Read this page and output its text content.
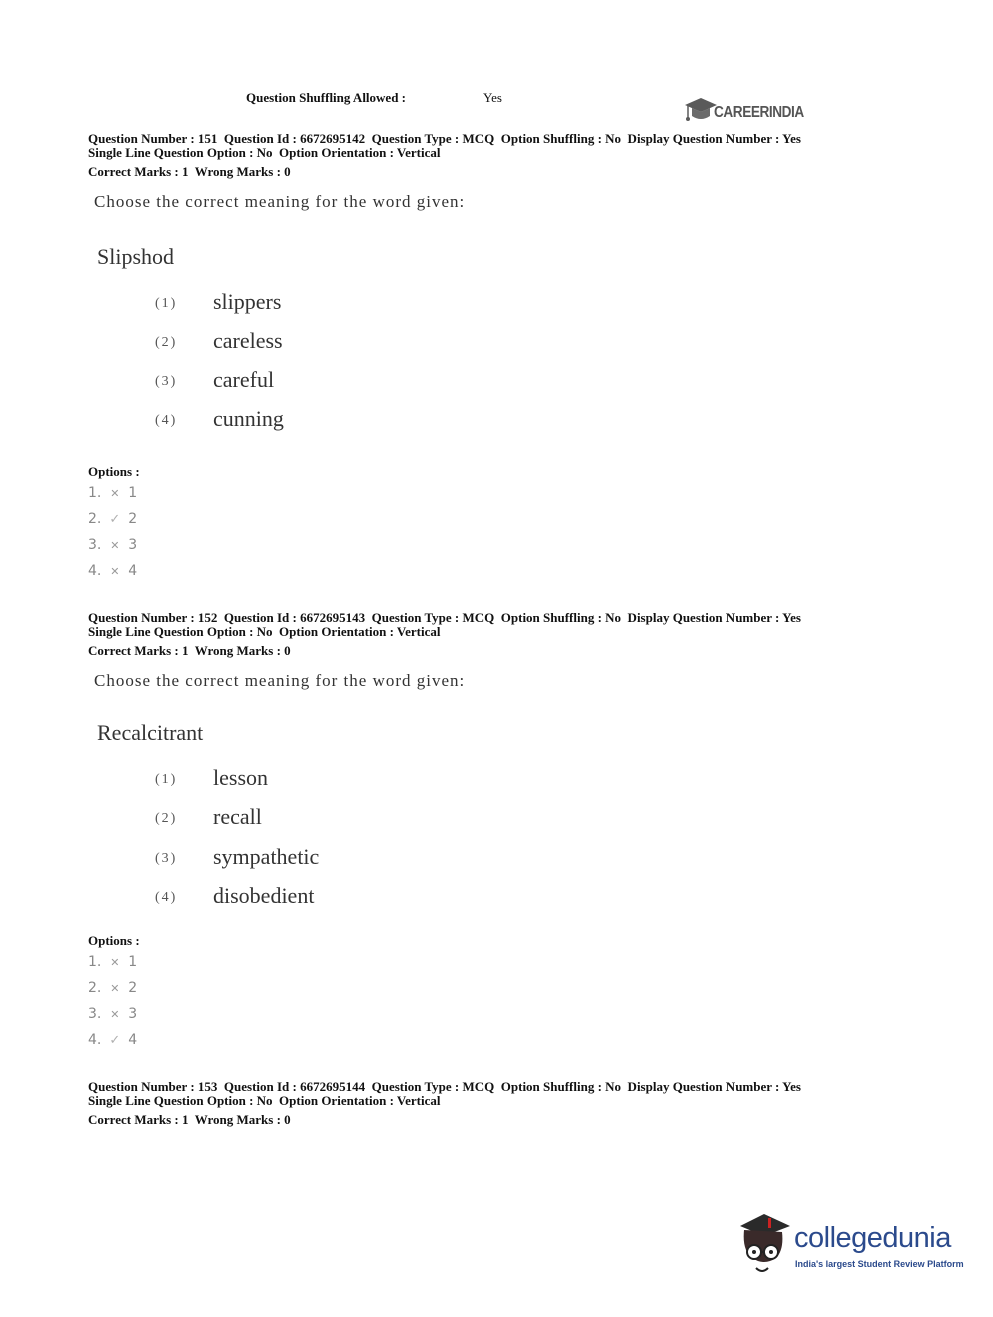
Question Shuffling Allowed :	Yes
CAREERINDIA
Question Number : 151  Question Id : 6672695142  Question Type : MCQ  Option Shuffling : No  Display Question Number : Yes
Single Line Question Option : No  Option Orientation : Vertical
Correct Marks : 1  Wrong Marks : 0
Choose the correct meaning for the word given:
Slipshod
(1) slippers
(2) careless
(3) careful
(4) cunning
Options :
1. ✕ 1
2. ✓ 2
3. ✕ 3
4. ✕ 4
Question Number : 152  Question Id : 6672695143  Question Type : MCQ  Option Shuffling : No  Display Question Number : Yes
Single Line Question Option : No  Option Orientation : Vertical
Correct Marks : 1  Wrong Marks : 0
Choose the correct meaning for the word given:
Recalcitrant
(1) lesson
(2) recall
(3) sympathetic
(4) disobedient
Options :
1. ✕ 1
2. ✕ 2
3. ✕ 3
4. ✓ 4
Question Number : 153  Question Id : 6672695144  Question Type : MCQ  Option Shuffling : No  Display Question Number : Yes
Single Line Question Option : No  Option Orientation : Vertical
Correct Marks : 1  Wrong Marks : 0
collegedunia
India's largest Student Review Platform
